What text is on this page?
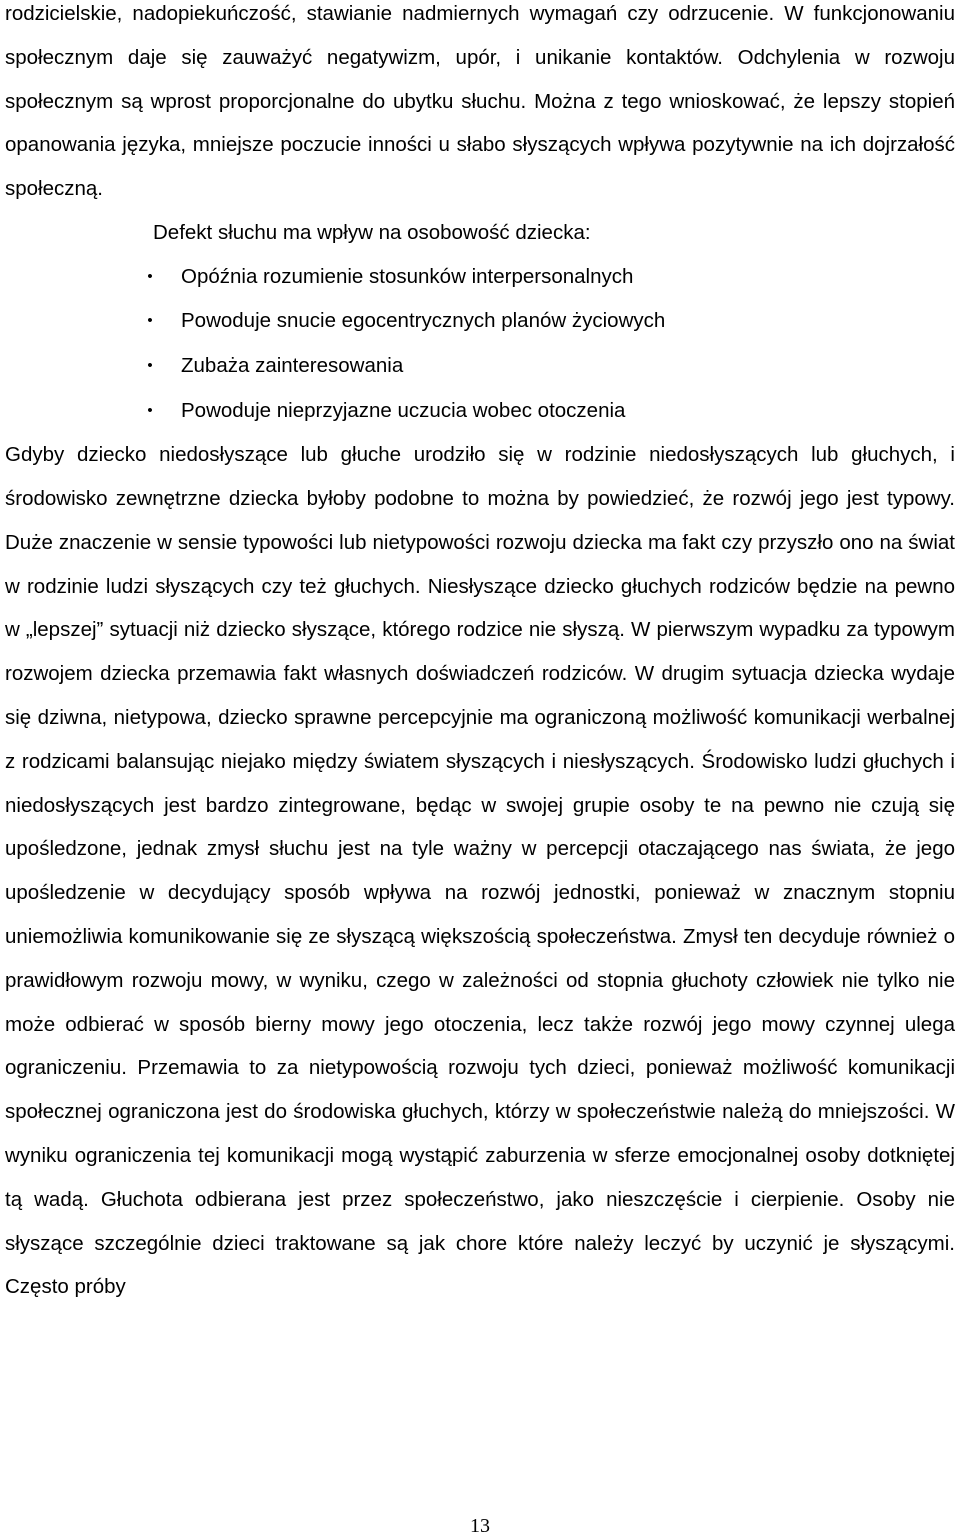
rodzicielskie, nadopiekuńczość, stawianie nadmiernych wymagań czy odrzucenie. W funkcjonowaniu społecznym daje się zauważyć negatywizm, upór, i unikanie kontaktów. Odchylenia w rozwoju społecznym są wprost proporcjonalne do ubytku słuchu. Można z tego wnioskować, że lepszy stopień opanowania języka, mniejsze poczucie inności u słabo słyszących wpływa pozytywnie na ich dojrzałość społeczną.

Defekt słuchu ma wpływ na osobowość dziecka:

•	Opóźnia rozumienie stosunków interpersonalnych
•	Powoduje snucie egocentrycznych planów życiowych
•	Zubaża zainteresowania
•	Powoduje nieprzyjazne uczucia wobec otoczenia

Gdyby dziecko niedosłyszące lub głuche urodziło się w rodzinie niedosłyszących lub głuchych, i środowisko zewnętrzne dziecka byłoby podobne to można by powiedzieć, że rozwój jego jest typowy. Duże znaczenie w sensie typowości lub nietypowości rozwoju dziecka ma fakt czy przyszło ono na świat w rodzinie ludzi słyszących czy też głuchych. Niesłyszące dziecko głuchych rodziców będzie na pewno w „lepszej” sytuacji niż dziecko słyszące, którego rodzice nie słyszą. W pierwszym wypadku za typowym rozwojem dziecka przemawia fakt własnych doświadczeń rodziców. W drugim sytuacja dziecka wydaje się dziwna, nietypowa, dziecko sprawne percepcyjnie ma ograniczoną możliwość komunikacji werbalnej z rodzicami balansując niejako między światem słyszących i niesłyszących. Środowisko ludzi głuchych i niedosłyszących jest bardzo zintegrowane, będąc w swojej grupie osoby te na pewno nie czują się upośledzone, jednak zmysł słuchu jest na tyle ważny w percepcji otaczającego nas świata, że jego upośledzenie w decydujący sposób wpływa na rozwój jednostki, ponieważ w znacznym stopniu uniemożliwia komunikowanie się ze słyszącą większością społeczeństwa. Zmysł ten decyduje również o prawidłowym rozwoju mowy, w wyniku, czego w zależności od stopnia głuchoty człowiek nie tylko nie może odbierać w sposób bierny mowy jego otoczenia, lecz także rozwój jego mowy czynnej ulega ograniczeniu. Przemawia to za nietypowością rozwoju tych dzieci, ponieważ możliwość komunikacji społecznej ograniczona jest do środowiska głuchych, którzy w społeczeństwie należą do mniejszości. W wyniku ograniczenia tej komunikacji mogą wystąpić zaburzenia w sferze emocjonalnej osoby dotkniętej tą wadą. Głuchota odbierana jest przez społeczeństwo, jako nieszczęście i cierpienie. Osoby nie słyszące szczególnie dzieci traktowane są jak chore które należy leczyć by uczynić je słyszącymi. Często próby

13
